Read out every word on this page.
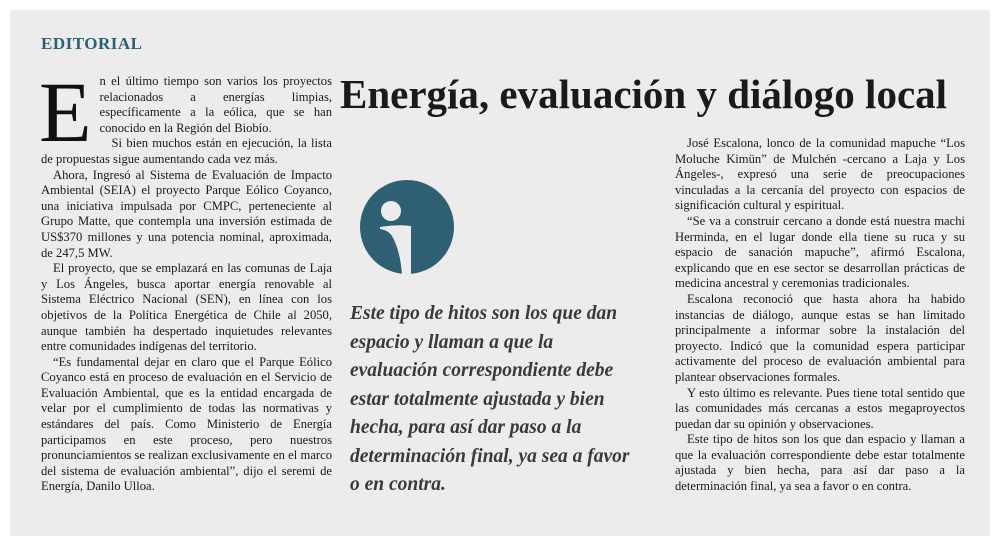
EDITORIAL

En el último tiempo son varios los proyectos relacionados a energías limpias, específicamente a la eólica, que se han conocido en la Región del Biobío.

Si bien muchos están en ejecución, la lista de propuestas sigue aumentando cada vez más.

Ahora, Ingresó al Sistema de Evaluación de Impacto Ambiental (SEIA) el proyecto Parque Eólico Coyanco, una iniciativa impulsada por CMPC, perteneciente al Grupo Matte, que contempla una inversión estimada de US$370 millones y una potencia nominal, aproximada, de 247,5 MW.

El proyecto, que se emplazará en las comunas de Laja y Los Ángeles, busca aportar energía renovable al Sistema Eléctrico Nacional (SEN), en línea con los objetivos de la Política Energética de Chile al 2050, aunque también ha despertado inquietudes relevantes entre comunidades indígenas del territorio.

“Es fundamental dejar en claro que el Parque Eólico Coyanco está en proceso de evaluación en el Servicio de Evaluación Ambiental, que es la entidad encargada de velar por el cumplimiento de todas las normativas y estándares del país. Como Ministerio de Energía participamos en este proceso, pero nuestros pronunciamientos se realizan exclusivamente en el marco del sistema de evaluación ambiental”, dijo el seremi de Energía, Danilo Ulloa.

Energía, evaluación y diálogo local
Este tipo de hitos son los que dan espacio y llaman a que la evaluación correspondiente debe estar totalmente ajustada y bien hecha, para así dar paso a la determinación final, ya sea a favor o en contra.

José Escalona, lonco de la comunidad mapuche “Los Moluche Kimün” de Mulchén -cercano a Laja y Los Ángeles-, expresó una serie de preocupaciones vinculadas a la cercanía del proyecto con espacios de significación cultural y espiritual.

“Se va a construir cercano a donde está nuestra machi Herminda, en el lugar donde ella tiene su ruca y su espacio de sanación mapuche”, afirmó Escalona, explicando que en ese sector se desarrollan prácticas de medicina ancestral y ceremonias tradicionales.

Escalona reconoció que hasta ahora ha habido instancias de diálogo, aunque estas se han limitado principalmente a informar sobre la instalación del proyecto. Indicó que la comunidad espera participar activamente del proceso de evaluación ambiental para plantear observaciones formales.

Y esto último es relevante. Pues tiene total sentido que las comunidades más cercanas a estos megaproyectos puedan dar su opinión y observaciones.

Este tipo de hitos son los que dan espacio y llaman a que la evaluación correspondiente debe estar totalmente ajustada y bien hecha, para así dar paso a la determinación final, ya sea a favor o en contra.
